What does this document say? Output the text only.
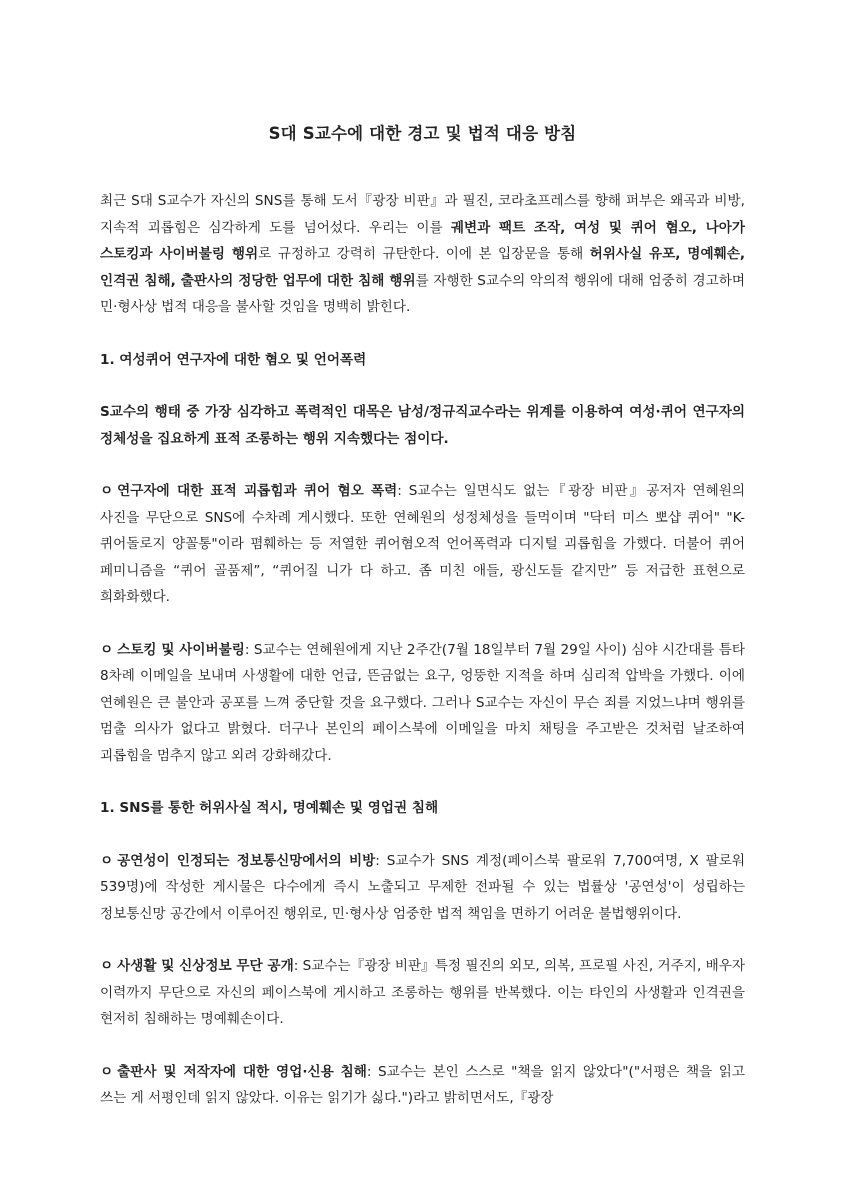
S대 S교수에 대한 경고 및 법적 대응 방침

최근 S대 S교수가 자신의 SNS를 통해 도서『광장 비판』과 필진, 코라초프레스를 향해 퍼부은 왜곡과 비방, 지속적 괴롭힘은 심각하게 도를 넘어섰다. 우리는 이를 궤변과 팩트 조작, 여성 및 퀴어 혐오, 나아가 스토킹과 사이버불링 행위로 규정하고 강력히 규탄한다. 이에 본 입장문을 통해 허위사실 유포, 명예훼손, 인격권 침해, 출판사의 정당한 업무에 대한 침해 행위를 자행한 S교수의 악의적 행위에 대해 엄중히 경고하며 민·형사상 법적 대응을 불사할 것임을 명백히 밝힌다.

1. 여성퀴어 연구자에 대한 혐오 및 언어폭력

S교수의 행태 중 가장 심각하고 폭력적인 대목은 남성/정규직교수라는 위계를 이용하여 여성·퀴어 연구자의 정체성을 집요하게 표적 조롱하는 행위 지속했다는 점이다.

ㅇ 연구자에 대한 표적 괴롭힘과 퀴어 혐오 폭력: S교수는 일면식도 없는『광장 비판』공저자 연혜원의 사진을 무단으로 SNS에 수차례 게시했다. 또한 연혜원의 성정체성을 들먹이며 "닥터 미스 뽀샵 퀴어" "K-퀴어돌로지 양꼴통"이라 폄훼하는 등 저열한 퀴어혐오적 언어폭력과 디지털 괴롭힘을 가했다. 더불어 퀴어 페미니즘을 “퀴어 골품제”, “퀴어질 니가 다 하고. 좀 미친 애들, 광신도들 같지만” 등 저급한 표현으로 희화화했다.

ㅇ 스토킹 및 사이버불링: S교수는 연혜원에게 지난 2주간(7월 18일부터 7월 29일 사이) 심야 시간대를 틈타 8차례 이메일을 보내며 사생활에 대한 언급, 뜬금없는 요구, 엉뚱한 지적을 하며 심리적 압박을 가했다. 이에 연혜원은 큰 불안과 공포를 느껴 중단할 것을 요구했다. 그러나 S교수는 자신이 무슨 죄를 지었느냐며 행위를 멈출 의사가 없다고 밝혔다. 더구나 본인의 페이스북에 이메일을 마치 채팅을 주고받은 것처럼 날조하여 괴롭힘을 멈추지 않고 외려 강화해갔다.

1. SNS를 통한 허위사실 적시, 명예훼손 및 영업권 침해

ㅇ 공연성이 인정되는 정보통신망에서의 비방: S교수가 SNS 계정(페이스북 팔로워 7,700여명, X 팔로워 539명)에 작성한 게시물은 다수에게 즉시 노출되고 무제한 전파될 수 있는 법률상 '공연성'이 성립하는 정보통신망 공간에서 이루어진 행위로, 민·형사상 엄중한 법적 책임을 면하기 어려운 불법행위이다.

ㅇ 사생활 및 신상정보 무단 공개: S교수는『광장 비판』특정 필진의 외모, 의복, 프로필 사진, 거주지, 배우자 이력까지 무단으로 자신의 페이스북에 게시하고 조롱하는 행위를 반복했다. 이는 타인의 사생활과 인격권을 현저히 침해하는 명예훼손이다.

ㅇ 출판사 및 저작자에 대한 영업·신용 침해: S교수는 본인 스스로 "책을 읽지 않았다"("서평은 책을 읽고 쓰는 게 서평인데 읽지 않았다. 이유는 읽기가 싫다.")라고 밝히면서도,『광장
